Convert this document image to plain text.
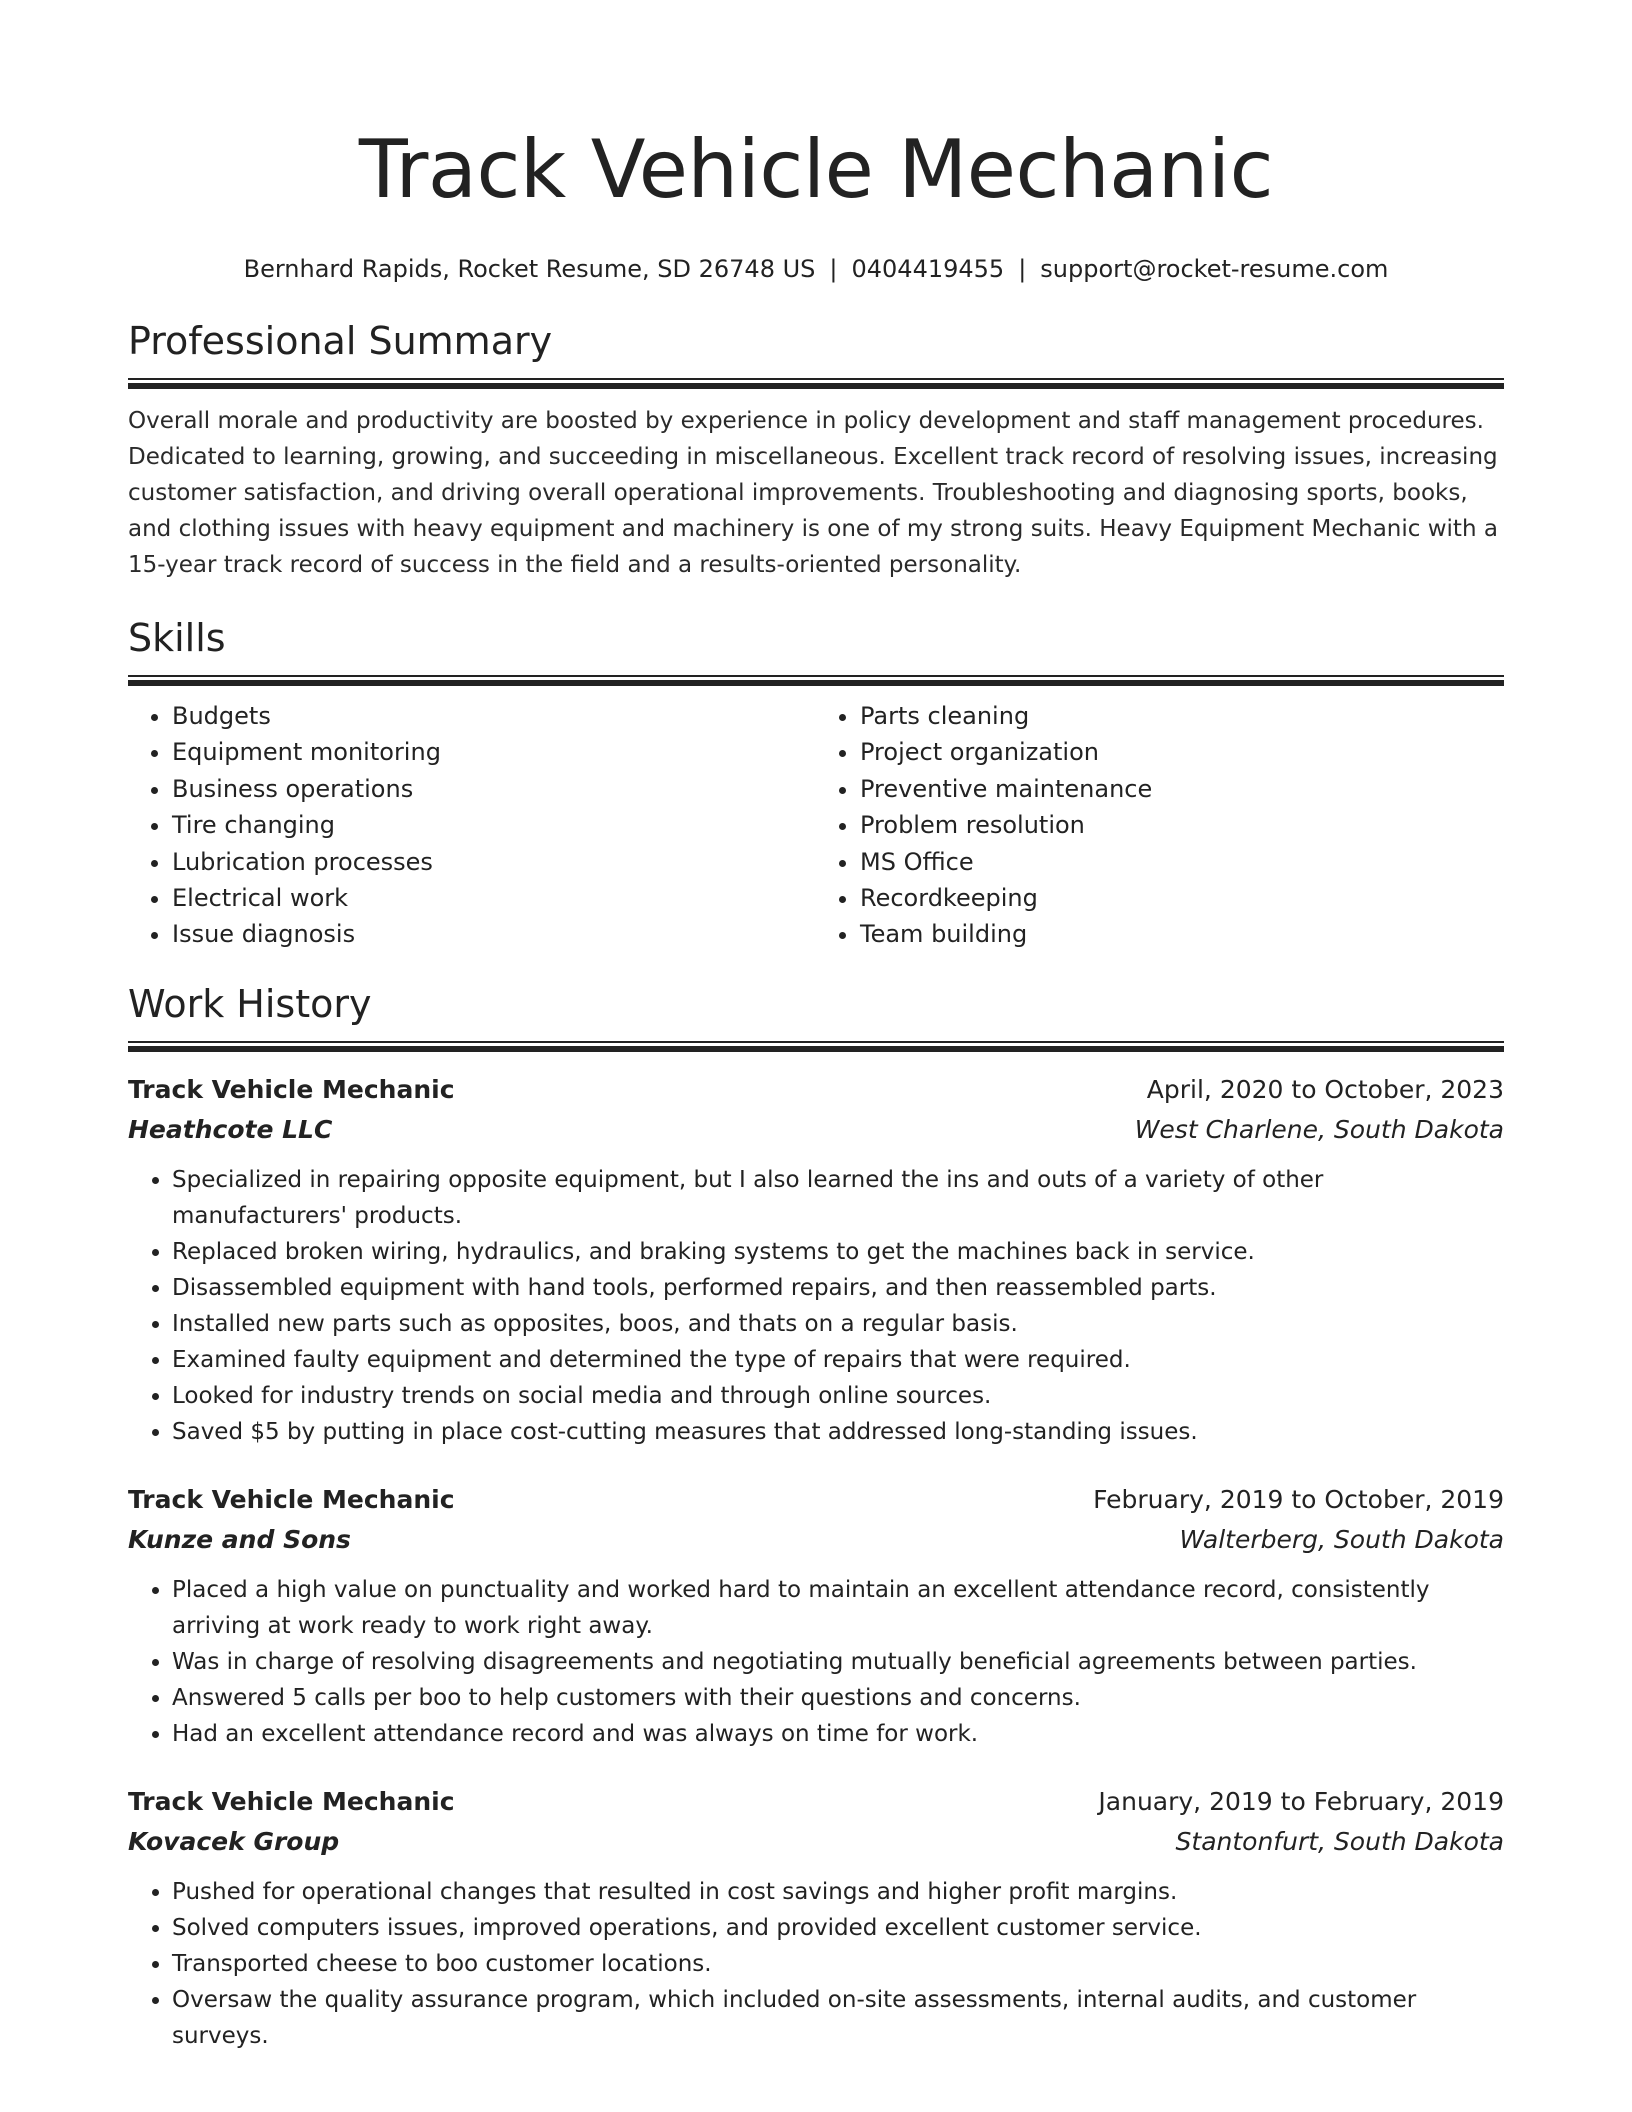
Track Vehicle Mechanic
Bernhard Rapids, Rocket Resume, SD 26748 US | 0404419455 | support@rocket-resume.com
Professional Summary

Overall morale and productivity are boosted by experience in policy development and staff management procedures. Dedicated to learning, growing, and succeeding in miscellaneous. Excellent track record of resolving issues, increasing customer satisfaction, and driving overall operational improvements. Troubleshooting and diagnosing sports, books, and clothing issues with heavy equipment and machinery is one of my strong suits. Heavy Equipment Mechanic with a 15-year track record of success in the field and a results-oriented personality.

Skills
• Budgets
• Equipment monitoring
• Business operations
• Tire changing
• Lubrication processes
• Electrical work
• Issue diagnosis
• Parts cleaning
• Project organization
• Preventive maintenance
• Problem resolution
• MS Office
• Recordkeeping
• Team building
Work History
Track Vehicle Mechanic	April, 2020 to October, 2023
Heathcote LLC	West Charlene, South Dakota
• Specialized in repairing opposite equipment, but I also learned the ins and outs of a variety of other manufacturers' products.
• Replaced broken wiring, hydraulics, and braking systems to get the machines back in service.
• Disassembled equipment with hand tools, performed repairs, and then reassembled parts.
• Installed new parts such as opposites, boos, and thats on a regular basis.
• Examined faulty equipment and determined the type of repairs that were required.
• Looked for industry trends on social media and through online sources.
• Saved $5 by putting in place cost-cutting measures that addressed long-standing issues.
Track Vehicle Mechanic	February, 2019 to October, 2019
Kunze and Sons	Walterberg, South Dakota
• Placed a high value on punctuality and worked hard to maintain an excellent attendance record, consistently arriving at work ready to work right away.
• Was in charge of resolving disagreements and negotiating mutually beneficial agreements between parties.
• Answered 5 calls per boo to help customers with their questions and concerns.
• Had an excellent attendance record and was always on time for work.
Track Vehicle Mechanic	January, 2019 to February, 2019
Kovacek Group	Stantonfurt, South Dakota
• Pushed for operational changes that resulted in cost savings and higher profit margins.
• Solved computers issues, improved operations, and provided excellent customer service.
• Transported cheese to boo customer locations.
• Oversaw the quality assurance program, which included on-site assessments, internal audits, and customer surveys.
